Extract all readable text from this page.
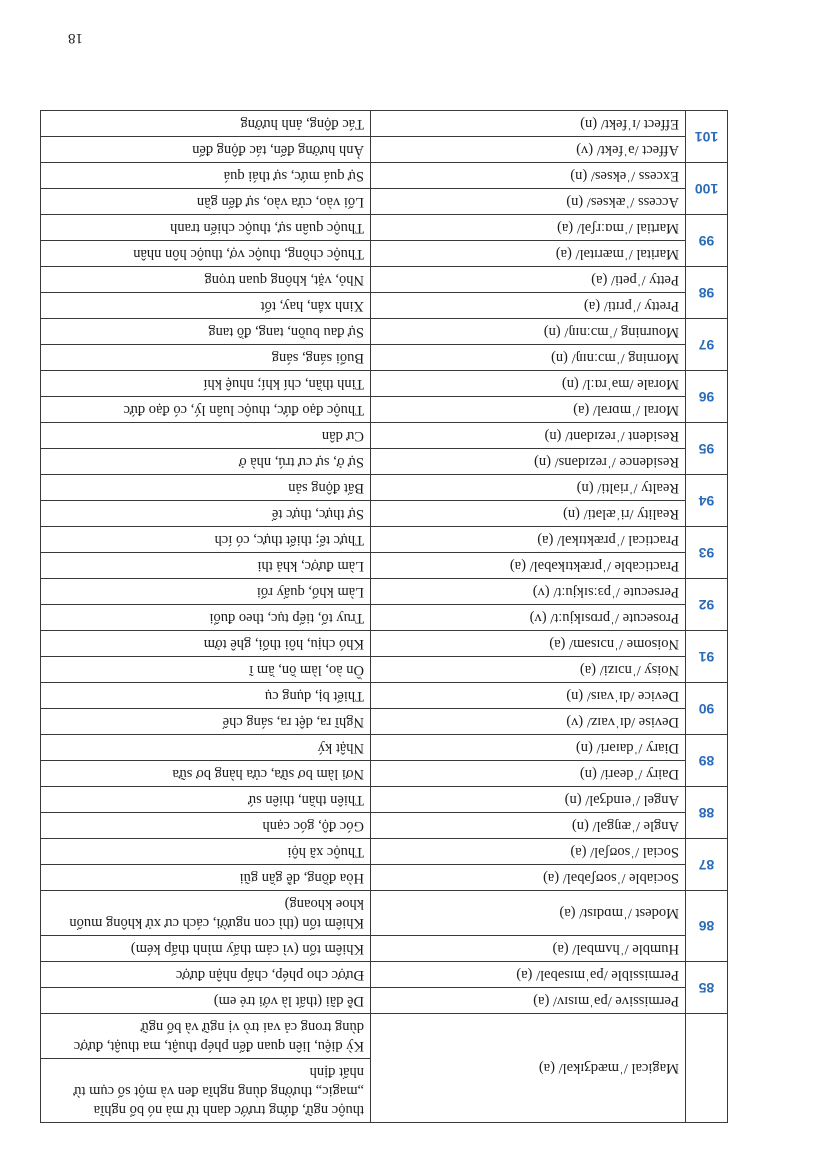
18
	Magical /ˈmædʒɪkəl/ (a)	thuộc ngữ, đứng trước danh từ mà nó bổ nghĩa „magic„ thường dùng nghĩa đen và một số cụm từ nhất định
		Kỳ diệu, liên quan đến phép thuật, ma thuật, được dùng trong cả vai trò vị ngữ và bổ ngữ
85	Permissive /pəˈmɪsɪv/ (a)	Dễ dãi (thất là với trẻ em)
	Permissible /pəˈmɪsəbəl/ (a)	Được cho phép, chấp nhận được
86	Humble /ˈhʌmbəl/ (a)	Khiêm tốn (vì cảm thấy mình thấp kém)
	Modest /ˈmɒdɪst/ (a)	Khiêm tốn (thì con người, cách cư xử không muốn khoe khoang)
87	Sociable /ˈsoʊʃəbəl/ (a)	Hòa đồng, dễ gần gũi
	Social /ˈsoʊʃəl/ (a)	Thuộc xã hội
88	Angle /ˈæŋgəl/ (n)	Góc độ, góc cạnh
	Angel /ˈeɪndʒəl/ (n)	Thiên thần, thiên sứ
89	Dairy /ˈdeəri/ (n)	Nơi làm bơ sữa, cửa hàng bơ sữa
	Diary /ˈdaɪəri/ (n)	Nhật ký
90	Devise /dɪˈvaɪz/ (v)	Nghĩ ra, dệt ra, sáng chế
	Device /dɪˈvaɪs/ (n)	Thiết bị, dụng cụ
91	Noisy /ˈnɔɪzi/ (a)	Ồn ào, làm ồn, ầm ĩ
	Noisome /ˈnɔɪsəm/ (a)	Khó chịu, hôi thối, ghê tởm
92	Prosecute /ˈprɒsɪkjuːt/ (v)	Truy tố, tiếp tục, theo đuổi
	Persecute /ˈpɜːsɪkjuːt/ (v)	Làm khổ, quấy rối
93	Practicable /ˈpræktɪkəbəl/ (a)	Làm được, khả thi
	Practical /ˈpræktɪkəl/ (a)	Thực tế; thiết thực, có ích
94	Reality /riˈæləti/ (n)	Sự thực, thực tế
	Realty /ˈriəlti/ (n)	Bất động sản
95	Residence /ˈrezɪdəns/ (n)	Sự ở, sự cư trú, nhà ở
	Resident /ˈrezɪdənt/ (n)	Cư dân
96	Moral /ˈmɒrəl/ (a)	Thuộc đạo đức, thuộc luân lý, có đạo đức
	Morale /məˈrɑːl/ (n)	Tinh thần, chí khí; nhuệ khí
97	Morning /ˈmɔːnɪŋ/ (n)	Buổi sáng, sáng
	Mourning /ˈmɔːnɪŋ/ (n)	Sự đau buồn, tang, đồ tang
98	Pretty /ˈprɪti/ (a)	Xinh xắn, hay, tốt
	Petty /ˈpeti/ (a)	Nhỏ, vặt, không quan trọng
99	Marital /ˈmærɪtəl/ (a)	Thuộc chồng, thuộc vợ, thuộc hôn nhân
	Martial /ˈmɑːrʃəl/ (a)	Thuộc quân sự, thuộc chiến tranh
100	Access /ˈækses/ (n)	Lối vào, cửa vào, sự đến gần
	Excess /ˈekses/ (n)	Sự quá mức, sự thái quá
101	Affect /əˈfekt/ (v)	Ảnh hưởng đến, tác động đến
	Effect /ɪˈfekt/ (n)	Tác động, ảnh hưởng
